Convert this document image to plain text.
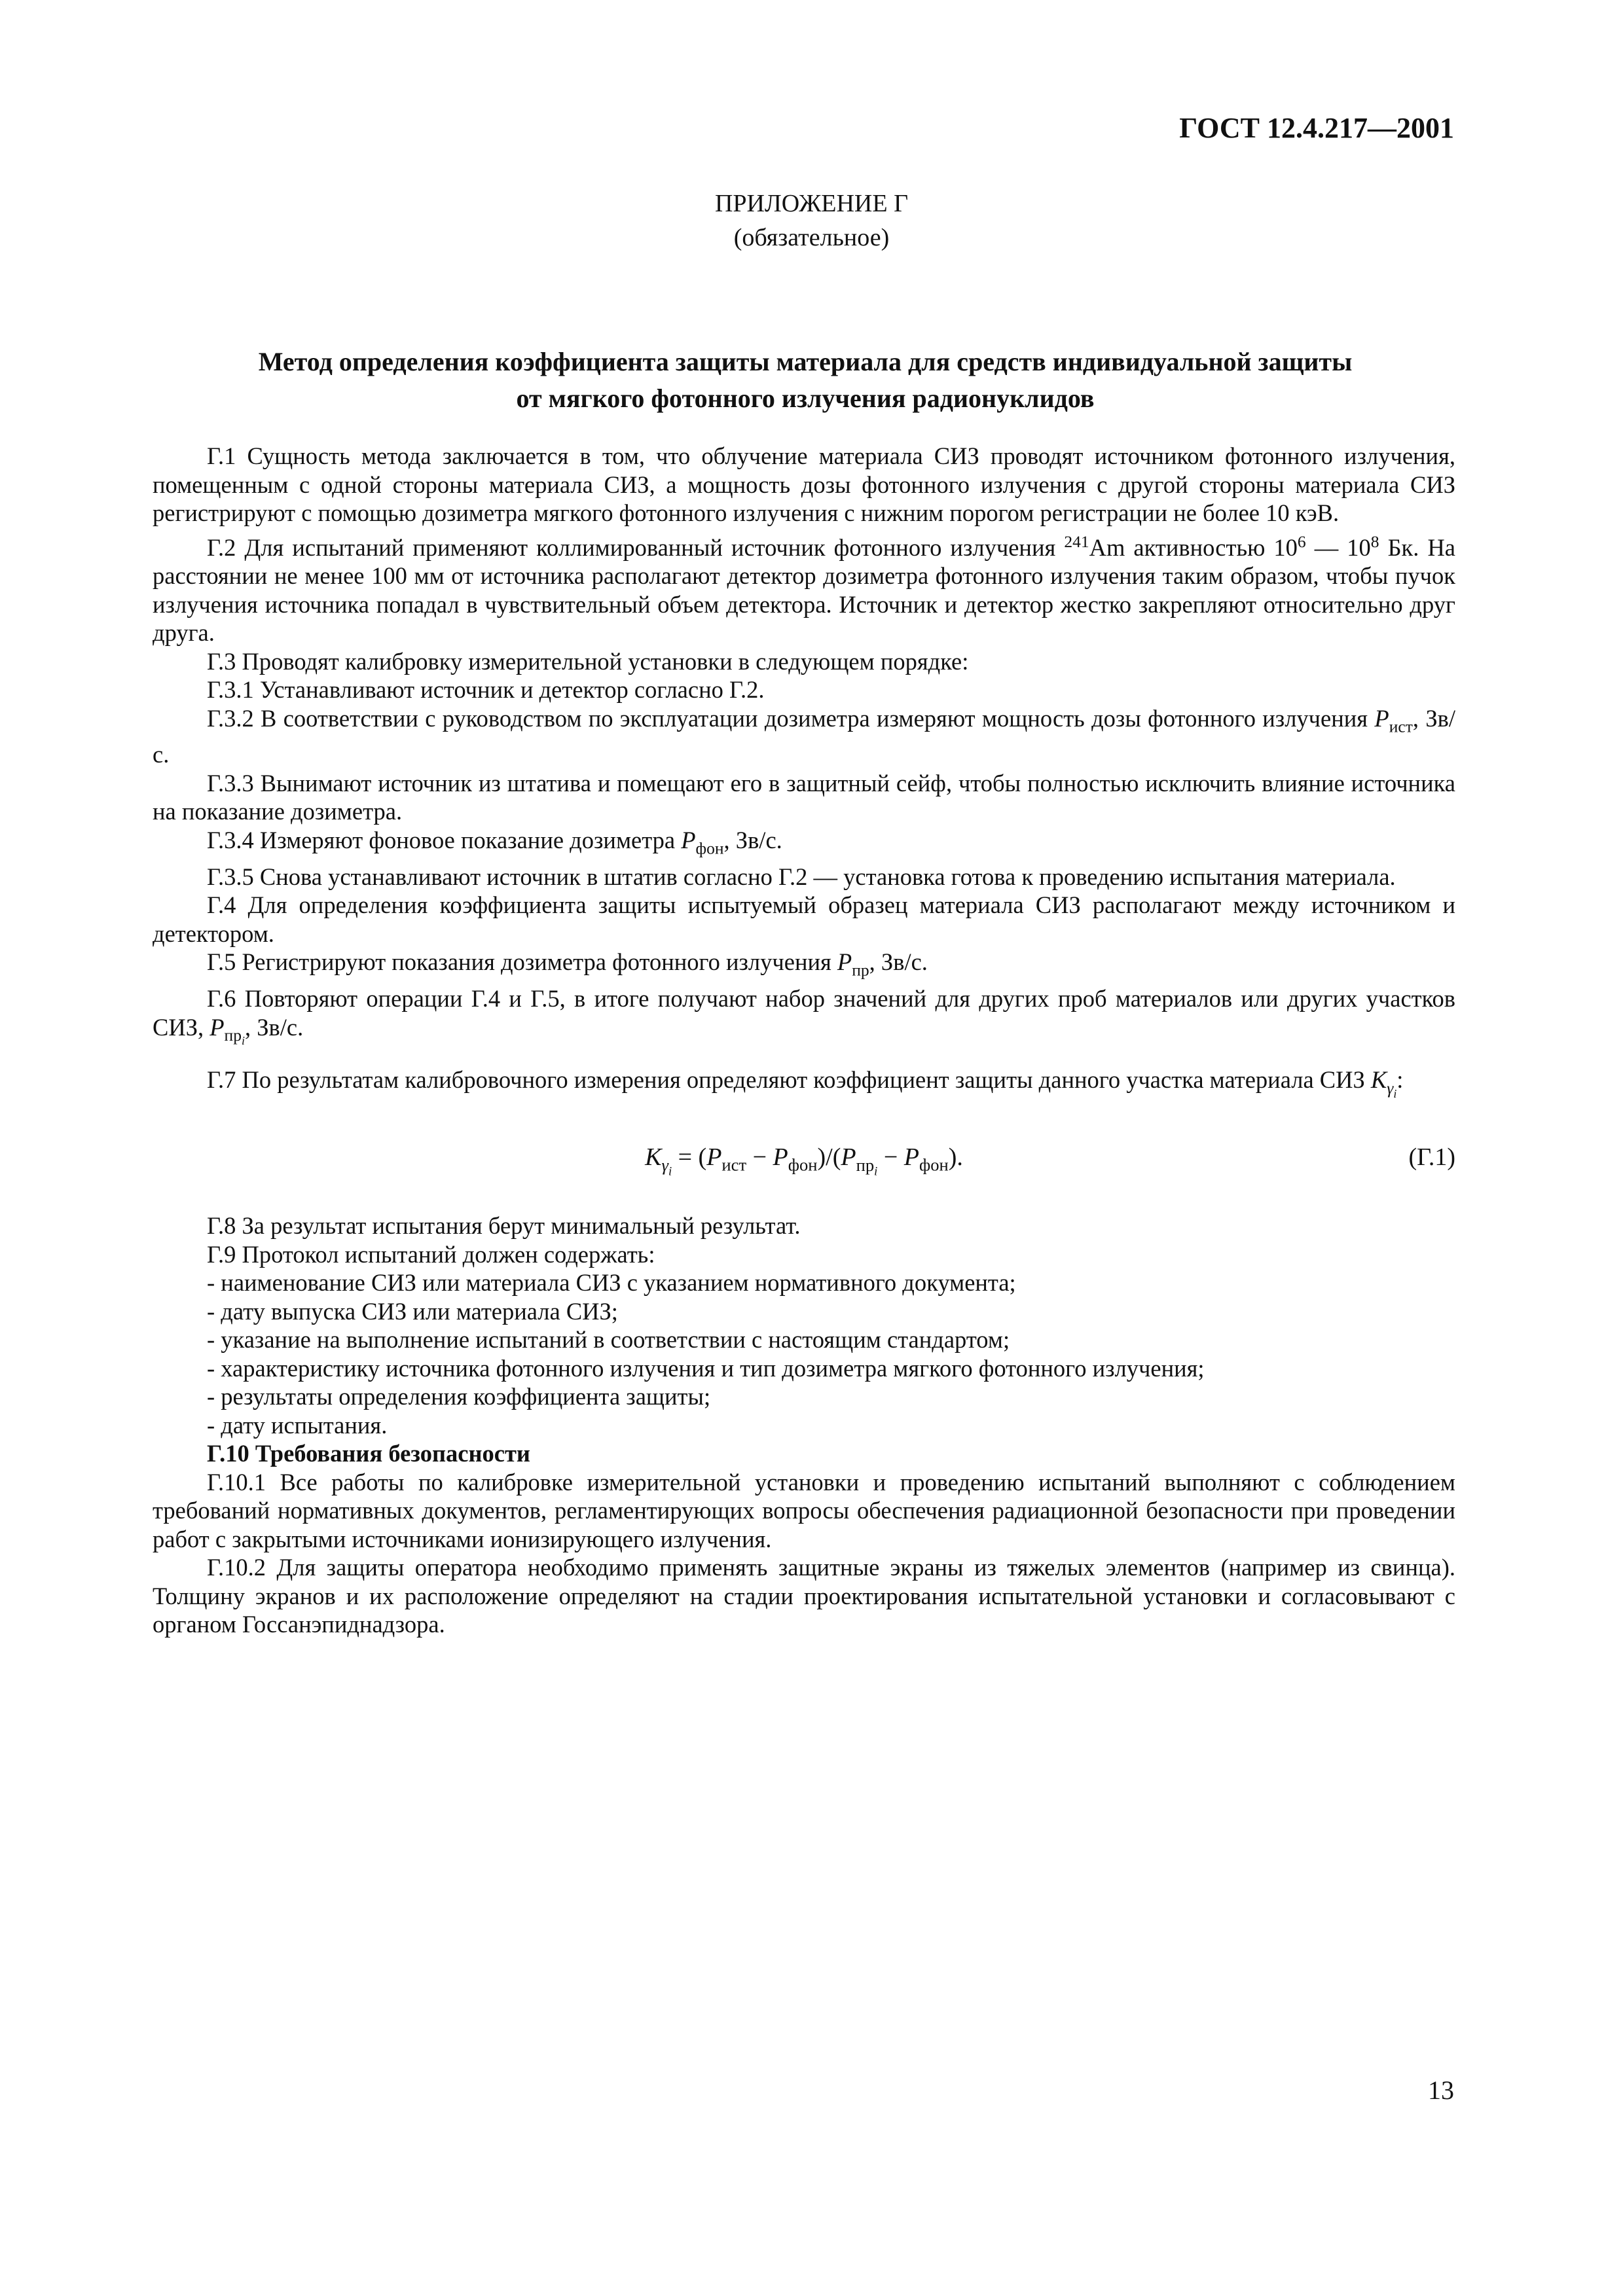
ГОСТ 12.4.217—2001
ПРИЛОЖЕНИЕ Г
(обязательное)
Метод определения коэффициента защиты материала для средств индивидуальной защиты
от мягкого фотонного излучения радионуклидов

Г.1 Сущность метода заключается в том, что облучение материала СИЗ проводят источником фотонного излучения, помещенным с одной стороны материала СИЗ, а мощность дозы фотонного излучения с другой стороны материала СИЗ регистрируют с помощью дозиметра мягкого фотонного излучения с нижним порогом регистрации не более 10 кэВ.

Г.2 Для испытаний применяют коллимированный источник фотонного излучения $^{241}$Am активностью $10^6$ — $10^8$ Бк. На расстоянии не менее 100 мм от источника располагают детектор дозиметра фотонного излучения таким образом, чтобы пучок излучения источника попадал в чувствительный объем детектора. Источник и детектор жестко закрепляют относительно друг друга.

Г.3 Проводят калибровку измерительной установки в следующем порядке:

Г.3.1 Устанавливают источник и детектор согласно Г.2.

Г.3.2 В соответствии с руководством по эксплуатации дозиметра измеряют мощность дозы фотонного излучения $P_{ист}$, Зв/с.

Г.3.3 Вынимают источник из штатива и помещают его в защитный сейф, чтобы полностью исключить влияние источника на показание дозиметра.

Г.3.4 Измеряют фоновое показание дозиметра $P_{фон}$, Зв/с.

Г.3.5 Снова устанавливают источник в штатив согласно Г.2 — установка готова к проведению испытания материала.

Г.4 Для определения коэффициента защиты испытуемый образец материала СИЗ располагают между источником и детектором.

Г.5 Регистрируют показания дозиметра фотонного излучения $P_{пр}$, Зв/с.

Г.6 Повторяют операции Г.4 и Г.5, в итоге получают набор значений для других проб материалов или других участков СИЗ, $P_{пр_i}$, Зв/с.

Г.7 По результатам калибровочного измерения определяют коэффициент защиты данного участка материала СИЗ $K_{\gamma_i}$:

$K_{\gamma_i} = (P_{ист} - P_{фон})/(P_{пр_i} - P_{фон})$.	(Г.1)

Г.8 За результат испытания берут минимальный результат.

Г.9 Протокол испытаний должен содержать:

- наименование СИЗ или материала СИЗ с указанием нормативного документа;

- дату выпуска СИЗ или материала СИЗ;

- указание на выполнение испытаний в соответствии с настоящим стандартом;

- характеристику источника фотонного излучения и тип дозиметра мягкого фотонного излучения;

- результаты определения коэффициента защиты;

- дату испытания.

Г.10 Требования безопасности

Г.10.1 Все работы по калибровке измерительной установки и проведению испытаний выполняют с соблюдением требований нормативных документов, регламентирующих вопросы обеспечения радиационной безопасности при проведении работ с закрытыми источниками ионизирующего излучения.

Г.10.2 Для защиты оператора необходимо применять защитные экраны из тяжелых элементов (например из свинца). Толщину экранов и их расположение определяют на стадии проектирования испытательной установки и согласовывают с органом Госсанэпиднадзора.

13
